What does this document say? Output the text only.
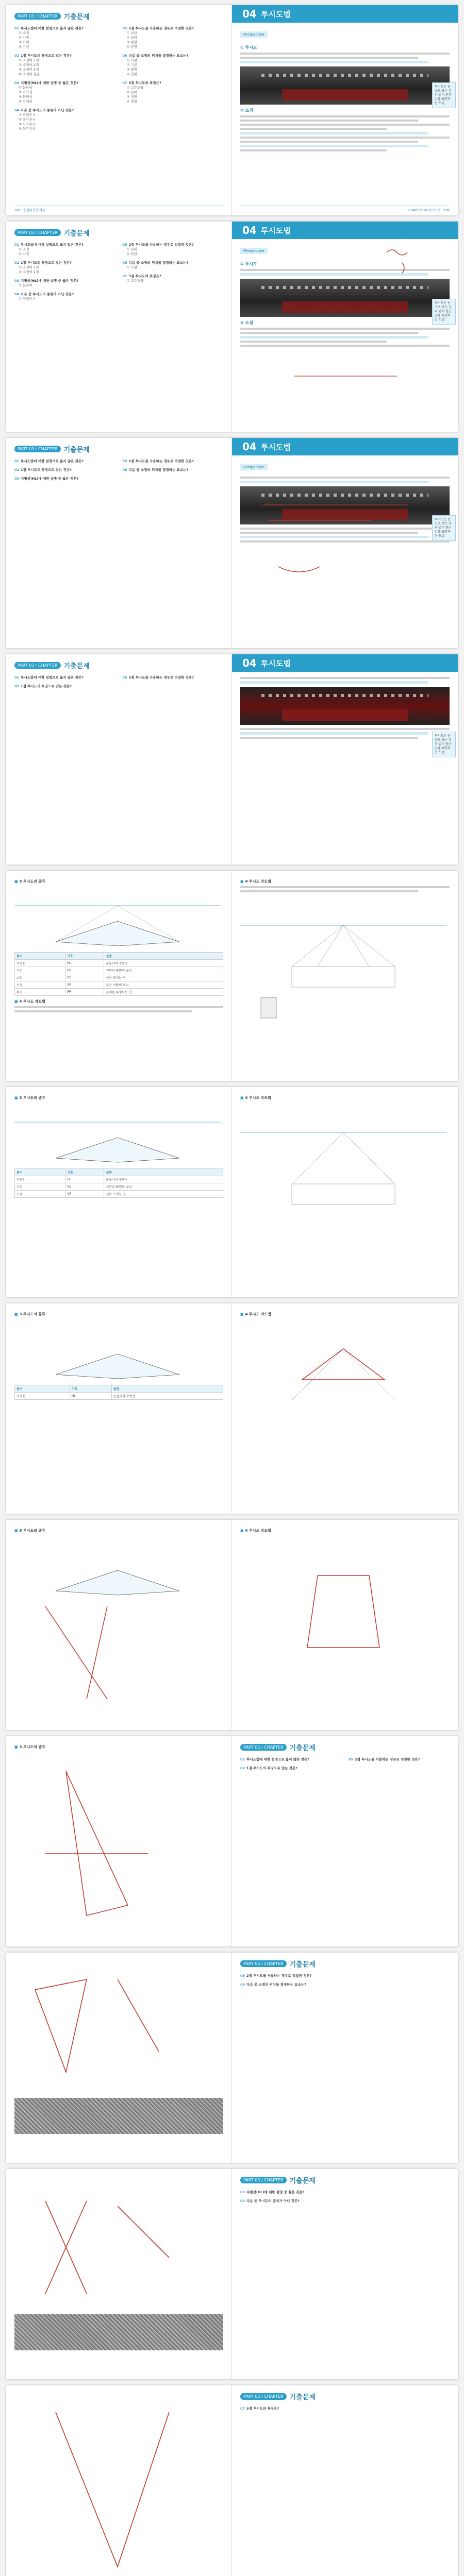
PART 03 / CHAPTER 기출문제
01 투시도법에 대한 설명으로 옳지 않은 것은?
① 소점
② 시점
③ 화면
④ 기선
02 1점 투시도의 특징으로 맞는 것은?
① 소점이 1개
② 소점이 2개
③ 소점이 3개
④ 소점이 없음
03 지평선(HL)에 대한 설명 중 옳은 것은?
① 눈높이
② 바닥선
③ 화면선
④ 입체선
04 다음 중 투시도의 종류가 아닌 것은?
① 평행투시
② 유각투시
③ 사각투시
④ 등각투상
05 2점 투시도를 사용하는 경우로 적절한 것은?
① 실내
② 외관
③ 평면
④ 단면
06 다음 중 소점의 위치를 결정하는 요소는?
① 시점
② 기선
③ 화면
④ 입면
07 3점 투시도의 특징은?
① 고층건물
② 실내
③ 정면
④ 측면
108 · 공간디자인 이론
04 투시도법
Perspective
① 투시도
② 소점
투시도는 눈으로 보는 것과 같이 원근감을 표현하는 도법
CHAPTER 04 투시도법 · 109
PART 03 / CHAPTER 기출문제
01 투시도법에 대한 설명으로 옳지 않은 것은?
① 소점
② 시점
02 1점 투시도의 특징으로 맞는 것은?
① 소점이 1개
② 소점이 2개
03 지평선(HL)에 대한 설명 중 옳은 것은?
① 눈높이
04 다음 중 투시도의 종류가 아닌 것은?
① 평행투시
05 2점 투시도를 사용하는 경우로 적절한 것은?
① 실내
② 외관
06 다음 중 소점의 위치를 결정하는 요소는?
① 시점
07 3점 투시도의 특징은?
① 고층건물
04 투시도법
Perspective
① 투시도
② 소점
투시도는 눈으로 보는 것과 같이 원근감을 표현하는 도법
PART 03 / CHAPTER 기출문제
01 투시도법에 대한 설명으로 옳지 않은 것은?
02 1점 투시도의 특징으로 맞는 것은?
03 지평선(HL)에 대한 설명 중 옳은 것은?
05 2점 투시도를 사용하는 경우로 적절한 것은?
06 다음 중 소점의 위치를 결정하는 요소는?
04 투시도법
Perspective
투시도는 눈으로 보는 것과 같이 원근감을 표현하는 도법
PART 03 / CHAPTER 기출문제
01 투시도법에 대한 설명으로 옳지 않은 것은?
02 1점 투시도의 특징으로 맞는 것은?
05 2점 투시도를 사용하는 경우로 적절한 것은?
04 투시도법
투시도는 눈으로 보는 것과 같이 원근감을 표현하는 도법
■ 3 투시도의 종류
용어	기호	설명
지평선	HL	눈높이의 수평선
기선	GL	지면과 화면의 교선
소점	VP	선이 모이는 점
시점	SP	보는 사람의 위치
화면	PP	물체를 투영하는 면
■ 4 투시도 작도법
■ 4 투시도 작도법
■ 3 투시도의 종류
용어	기호	설명
지평선	HL	눈높이의 수평선
기선	GL	지면과 화면의 교선
소점	VP	선이 모이는 점
■ 4 투시도 작도법
■ 3 투시도의 종류
용어	기호	설명
지평선	HL	눈높이의 수평선
■ 4 투시도 작도법
■ 3 투시도의 종류	■ 4 투시도 작도법
■ 3 투시도의 종류	PART 03 / CHAPTER 기출문제
01 투시도법에 대한 설명으로 옳지 않은 것은?
02 1점 투시도의 특징으로 맞는 것은?
05 2점 투시도를 사용하는 경우로 적절한 것은?
PART 03 / CHAPTER 기출문제
05 2점 투시도를 사용하는 경우로 적절한 것은?
06 다음 중 소점의 위치를 결정하는 요소는?
PART 03 / CHAPTER 기출문제
03 지평선(HL)에 대한 설명 중 옳은 것은?
04 다음 중 투시도의 종류가 아닌 것은?
PART 03 / CHAPTER 기출문제
07 3점 투시도의 특징은?
